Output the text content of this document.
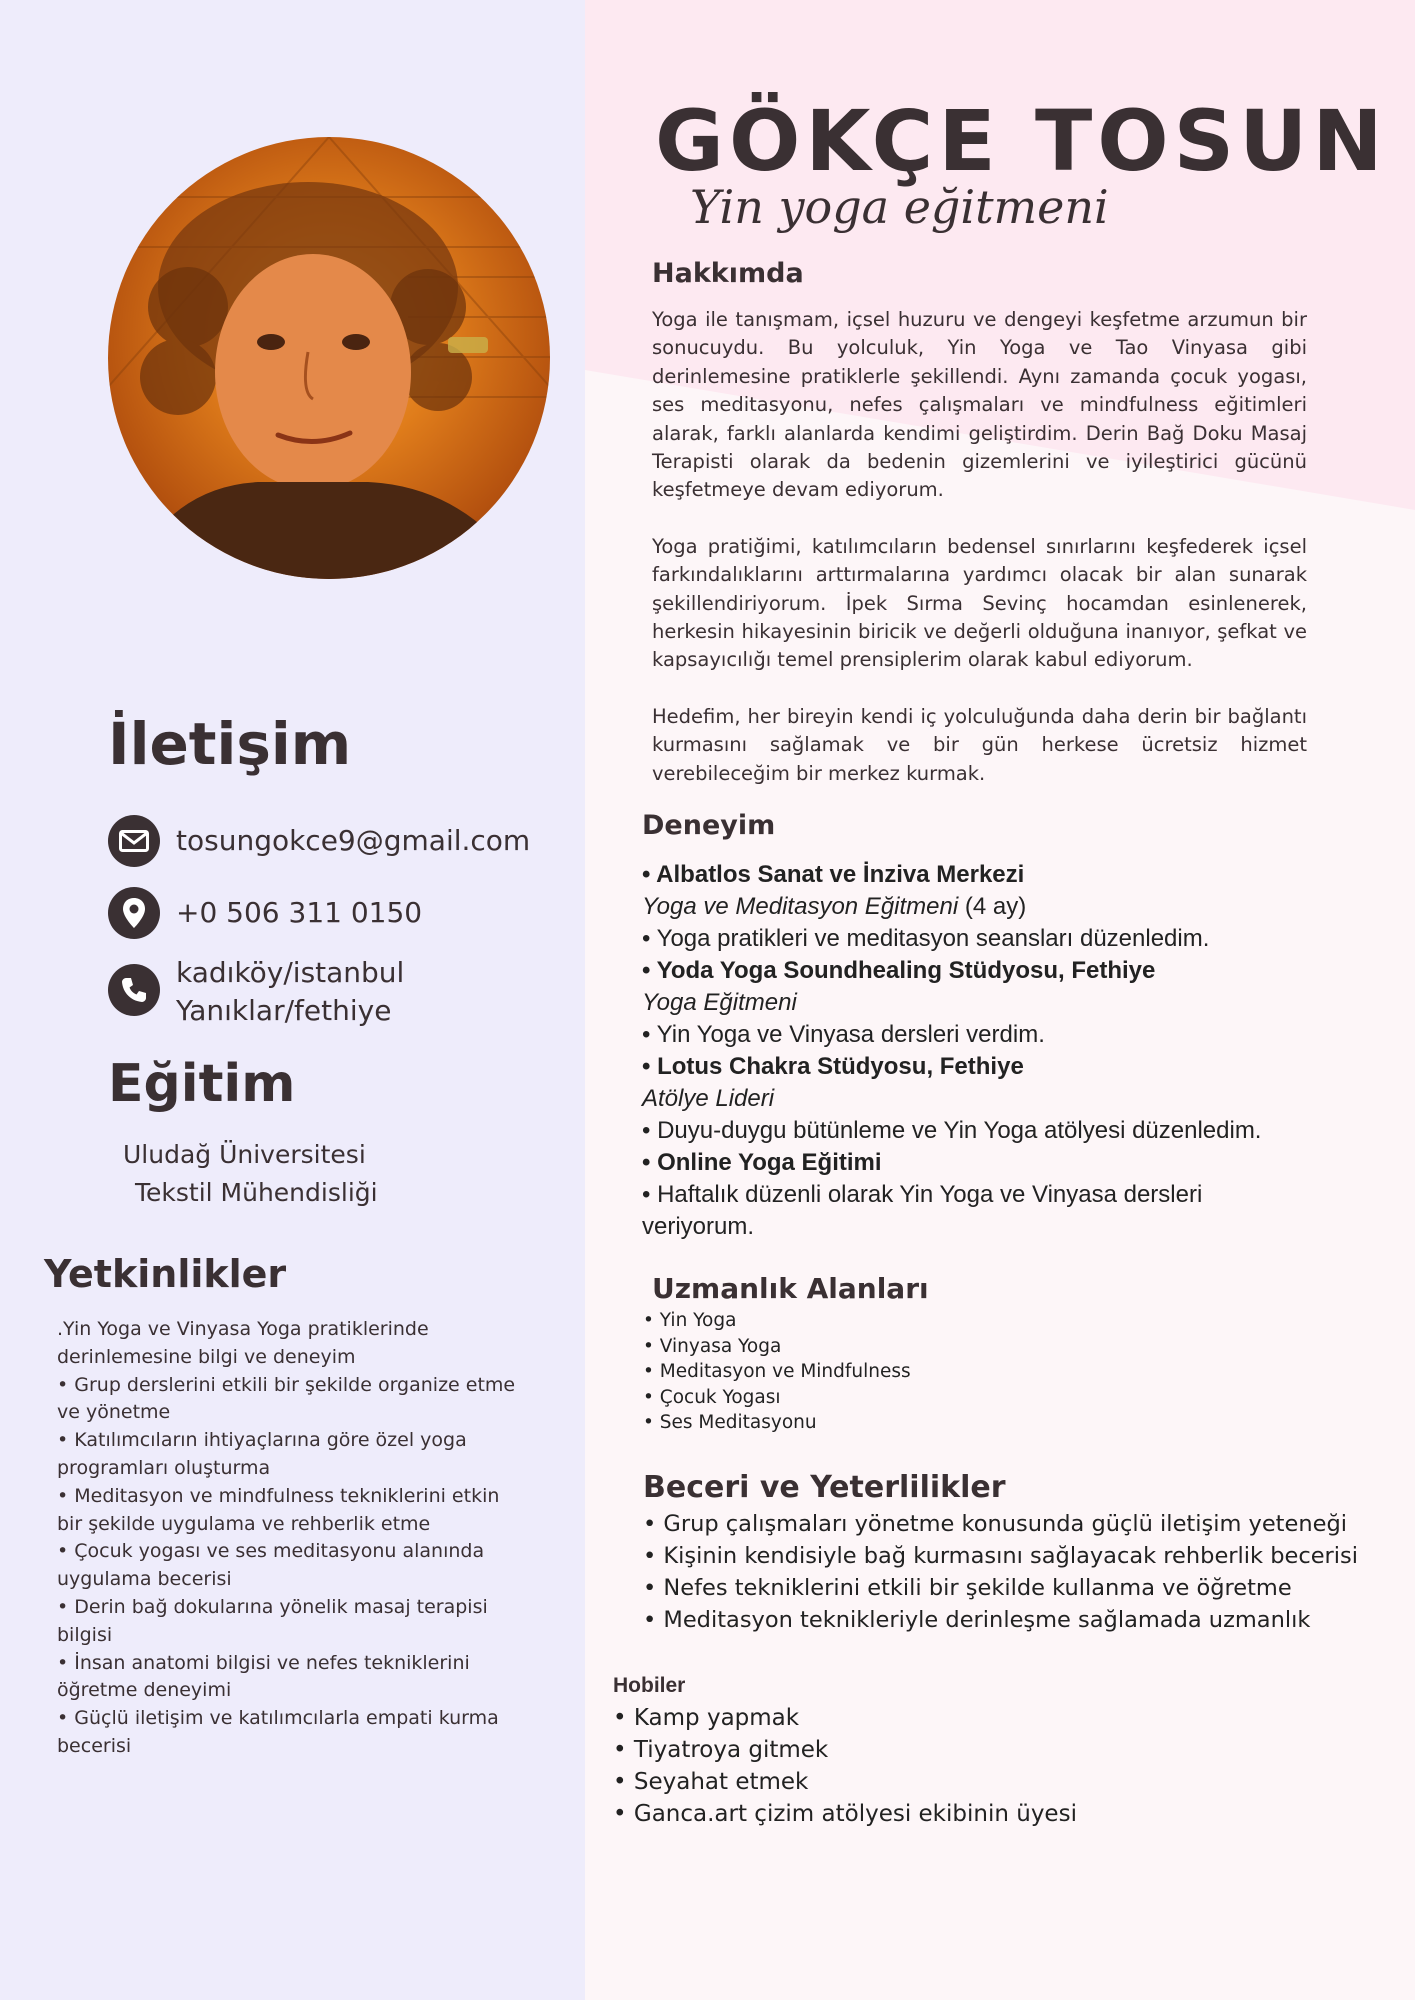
İletişim
tosungokce9@gmail.com
+0 506 311 0150
kadıköy/istanbul
Yanıklar/fethiye
Eğitim
Uludağ Üniversitesi
Tekstil Mühendisliği
Yetkinlikler
.Yin Yoga ve Vinyasa Yoga pratiklerinde derinlemesine bilgi ve deneyim
• Grup derslerini etkili bir şekilde organize etme ve yönetme
• Katılımcıların ihtiyaçlarına göre özel yoga programları oluşturma
• Meditasyon ve mindfulness tekniklerini etkin bir şekilde uygulama ve rehberlik etme
• Çocuk yogası ve ses meditasyonu alanında uygulama becerisi
• Derin bağ dokularına yönelik masaj terapisi bilgisi
• İnsan anatomi bilgisi ve nefes tekniklerini öğretme deneyimi
• Güçlü iletişim ve katılımcılarla empati kurma becerisi
GÖKÇE TOSUN
Yin yoga eğitmeni
Hakkımda

Yoga ile tanışmam, içsel huzuru ve dengeyi keşfetme arzumun bir sonucuydu. Bu yolculuk, Yin Yoga ve Tao Vinyasa gibi derinlemesine pratiklerle şekillendi. Aynı zamanda çocuk yogası, ses meditasyonu, nefes çalışmaları ve mindfulness eğitimleri alarak, farklı alanlarda kendimi geliştirdim. Derin Bağ Doku Masaj Terapisti olarak da bedenin gizemlerini ve iyileştirici gücünü keşfetmeye devam ediyorum.

Yoga pratiğimi, katılımcıların bedensel sınırlarını keşfederek içsel farkındalıklarını arttırmalarına yardımcı olacak bir alan sunarak şekillendiriyorum. İpek Sırma Sevinç hocamdan esinlenerek, herkesin hikayesinin biricik ve değerli olduğuna inanıyor, şefkat ve kapsayıcılığı temel prensiplerim olarak kabul ediyorum.

Hedefim, her bireyin kendi iç yolculuğunda daha derin bir bağlantı kurmasını sağlamak ve bir gün herkese ücretsiz hizmet verebileceğim bir merkez kurmak.

Deneyim
• Albatlos Sanat ve İnziva Merkezi
Yoga ve Meditasyon Eğitmeni (4 ay)
• Yoga pratikleri ve meditasyon seansları düzenledim.
• Yoda Yoga Soundhealing Stüdyosu, Fethiye
Yoga Eğitmeni
• Yin Yoga ve Vinyasa dersleri verdim.
• Lotus Chakra Stüdyosu, Fethiye
Atölye Lideri
• Duyu-duygu bütünleme ve Yin Yoga atölyesi düzenledim.
• Online Yoga Eğitimi
• Haftalık düzenli olarak Yin Yoga ve Vinyasa dersleri
veriyorum.
Uzmanlık Alanları
• Yin Yoga
• Vinyasa Yoga
• Meditasyon ve Mindfulness
• Çocuk Yogası
• Ses Meditasyonu
Beceri ve Yeterlilikler
• Grup çalışmaları yönetme konusunda güçlü iletişim yeteneği
• Kişinin kendisiyle bağ kurmasını sağlayacak rehberlik becerisi
• Nefes tekniklerini etkili bir şekilde kullanma ve öğretme
• Meditasyon teknikleriyle derinleşme sağlamada uzmanlık
Hobiler
• Kamp yapmak
• Tiyatroya gitmek
• Seyahat etmek
• Ganca.art çizim atölyesi ekibinin üyesi
